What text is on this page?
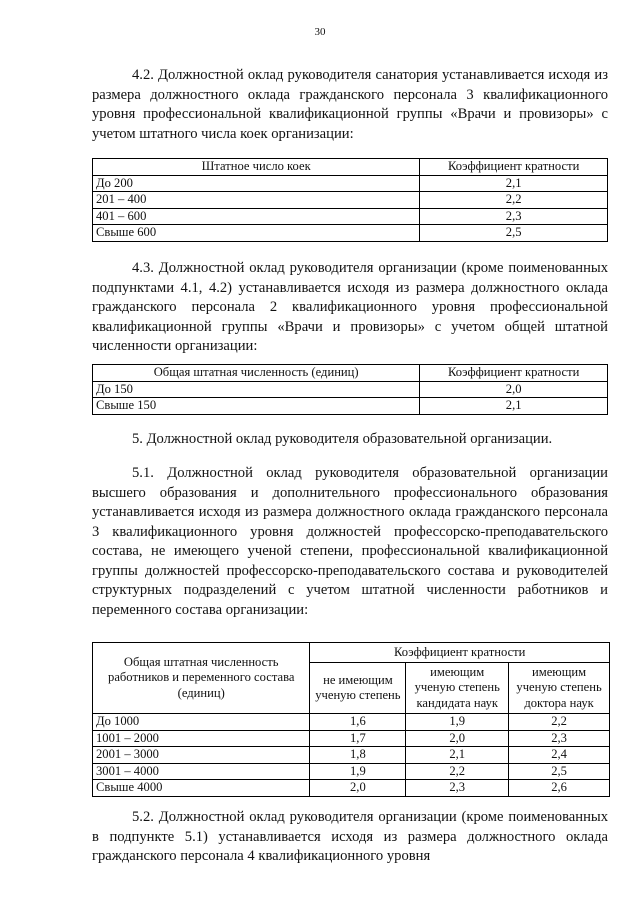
30
4.2. Должностной оклад руководителя санатория устанавливается исходя из размера должностного оклада гражданского персонала 3 квалификационного уровня профессиональной квалификационной группы «Врачи и провизоры» с учетом штатного числа коек организации:
Штатное число коек	Коэффициент кратности
До 200	2,1
201 – 400	2,2
401 – 600	2,3
Свыше 600	2,5
4.3. Должностной оклад руководителя организации (кроме поименованных подпунктами 4.1, 4.2) устанавливается исходя из размера должностного оклада гражданского персонала 2 квалификационного уровня профессиональной квалификационной группы «Врачи и провизоры» с учетом общей штатной численности организации:
Общая штатная численность (единиц)	Коэффициент кратности
До 150	2,0
Свыше 150	2,1
5. Должностной оклад руководителя образовательной организации.
5.1. Должностной оклад руководителя образовательной организации высшего образования и дополнительного профессионального образования устанавливается исходя из размера должностного оклада гражданского персонала 3 квалификационного уровня должностей профессорско-преподавательского состава, не имеющего ученой степени, профессиональной квалификационной группы должностей профессорско-преподавательского состава и руководителей структурных подразделений с учетом штатной численности работников и переменного состава организации:
Общая штатная численность работников и переменного состава (единиц)	Коэффициент кратности		
	не имеющим ученую степень	имеющим ученую степень кандидата наук	имеющим ученую степень доктора наук
До 1000	1,6	1,9	2,2
1001 – 2000	1,7	2,0	2,3
2001 – 3000	1,8	2,1	2,4
3001 – 4000	1,9	2,2	2,5
Свыше 4000	2,0	2,3	2,6
5.2. Должностной оклад руководителя организации (кроме поименованных в подпункте 5.1) устанавливается исходя из размера должностного оклада гражданского персонала 4 квалификационного уровня
